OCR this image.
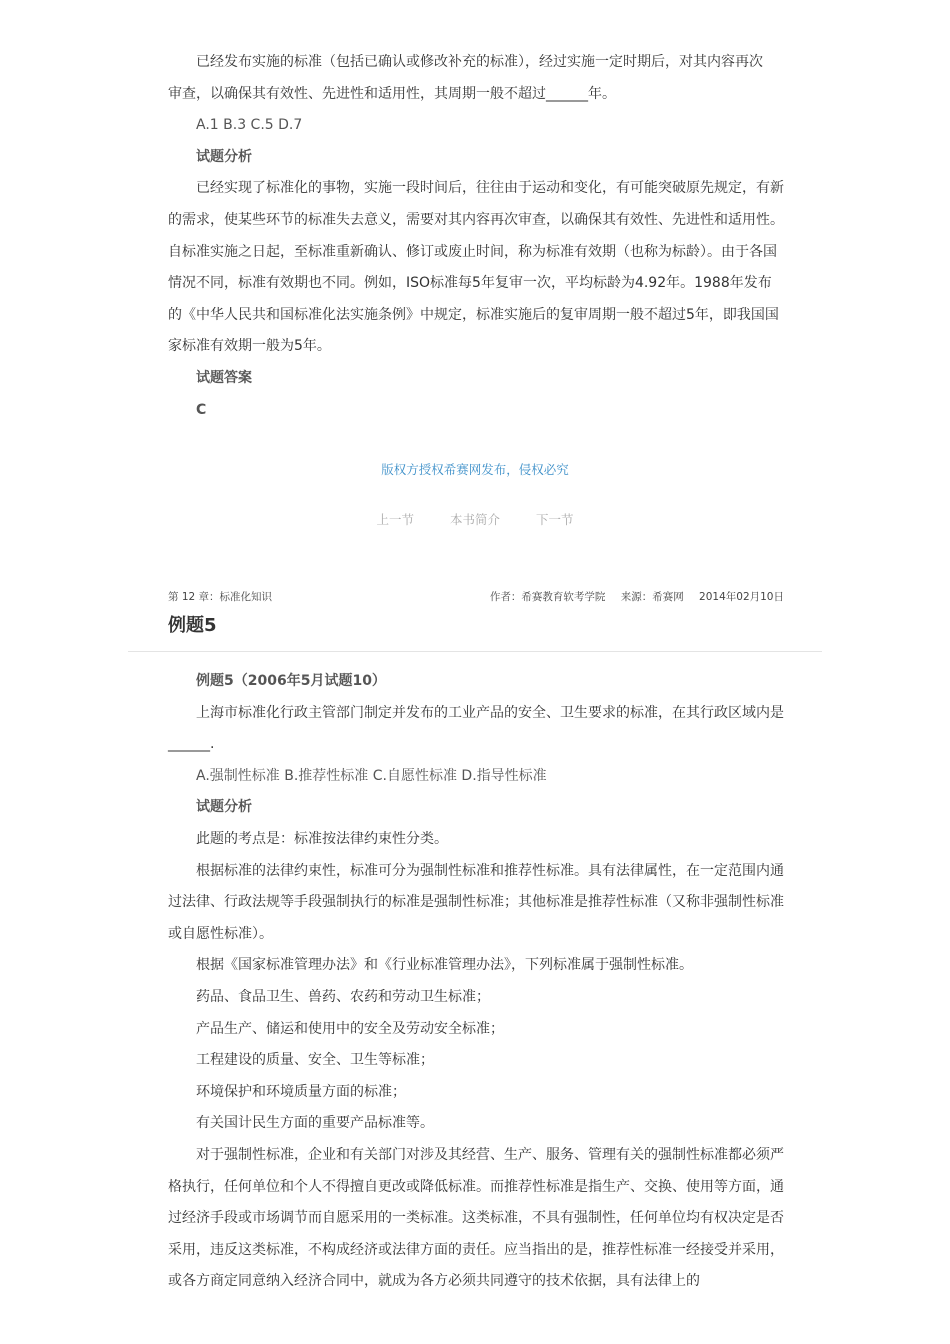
已经发布实施的标准（包括已确认或修改补充的标准），经过实施一定时期后，对其内容再次

审查，以确保其有效性、先进性和适用性，其周期一般不超过______年。

A.1 B.3 C.5 D.7
试题分析

已经实现了标准化的事物，实施一段时间后，往往由于运动和变化，有可能突破原先规定，有新的需求，使某些环节的标准失去意义，需要对其内容再次审查，以确保其有效性、先进性和适用性。自标准实施之日起，至标准重新确认、修订或废止时间，称为标准有效期（也称为标龄）。由于各国情况不同，标准有效期也不同。例如，ISO标准每5年复审一次，平均标龄为4.92年。1988年发布的《中华人民共和国标准化法实施条例》中规定，标准实施后的复审周期一般不超过5年，即我国国家标准有效期一般为5年。

试题答案
C
版权方授权希赛网发布，侵权必究
上一节	本书简介	下一节
第 12 章：标准化知识	作者：希赛教育软考学院 来源：希赛网 2014年02月10日
例题5
例题5（2006年5月试题10）

上海市标准化行政主管部门制定并发布的工业产品的安全、卫生要求的标准，在其行政区域内是______.

A.强制性标准 B.推荐性标准 C.自愿性标准 D.指导性标准
试题分析

此题的考点是：标准按法律约束性分类。

根据标准的法律约束性，标准可分为强制性标准和推荐性标准。具有法律属性，在一定范围内通过法律、行政法规等手段强制执行的标准是强制性标准；其他标准是推荐性标准（又称非强制性标准或自愿性标准）。

根据《国家标准管理办法》和《行业标准管理办法》，下列标准属于强制性标准。

药品、食品卫生、兽药、农药和劳动卫生标准；

产品生产、储运和使用中的安全及劳动安全标准；

工程建设的质量、安全、卫生等标准；

环境保护和环境质量方面的标准；

有关国计民生方面的重要产品标准等。

对于强制性标准，企业和有关部门对涉及其经营、生产、服务、管理有关的强制性标准都必须严格执行，任何单位和个人不得擅自更改或降低标准。而推荐性标准是指生产、交换、使用等方面，通过经济手段或市场调节而自愿采用的一类标准。这类标准，不具有强制性，任何单位均有权决定是否采用，违反这类标准，不构成经济或法律方面的责任。应当指出的是，推荐性标准一经接受并采用，或各方商定同意纳入经济合同中，就成为各方必须共同遵守的技术依据，具有法律上的
